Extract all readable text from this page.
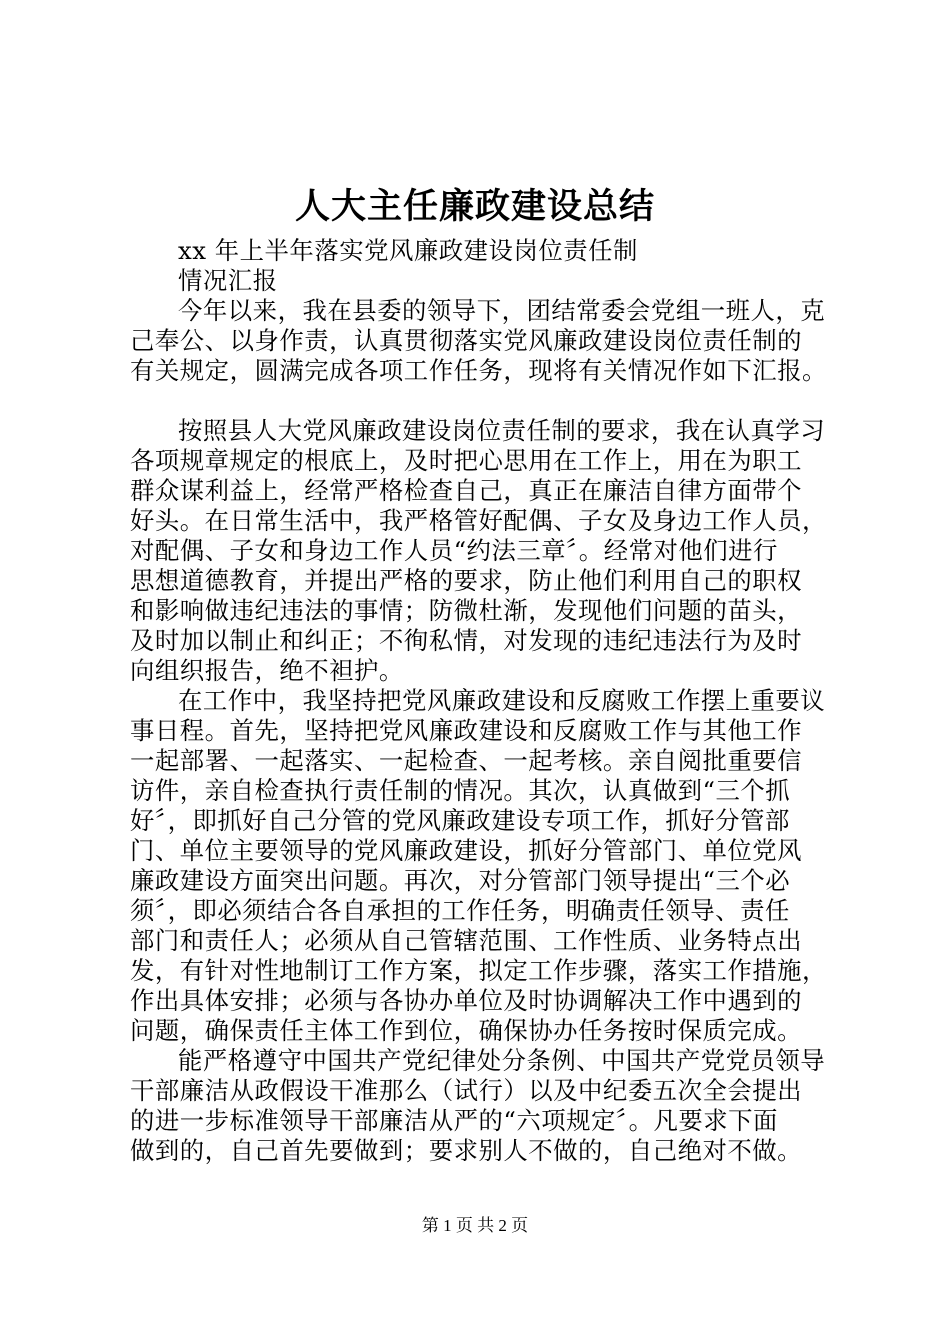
人大主任廉政建设总结
xx 年上半年落实党风廉政建设岗位责任制
情况汇报
今年以来，我在县委的领导下，团结常委会党组一班人，克
己奉公、以身作责，认真贯彻落实党风廉政建设岗位责任制的
有关规定，圆满完成各项工作任务，现将有关情况作如下汇报。
按照县人大党风廉政建设岗位责任制的要求，我在认真学习
各项规章规定的根底上，及时把心思用在工作上，用在为职工
群众谋利益上，经常严格检查自己，真正在廉洁自律方面带个
好头。在日常生活中，我严格管好配偶、子女及身边工作人员，
对配偶、子女和身边工作人员“约法三章〞。经常对他们进行
思想道德教育，并提出严格的要求，防止他们利用自己的职权
和影响做违纪违法的事情；防微杜渐，发现他们问题的苗头，
及时加以制止和纠正；不徇私情，对发现的违纪违法行为及时
向组织报告，绝不袒护。
在工作中，我坚持把党风廉政建设和反腐败工作摆上重要议
事日程。首先，坚持把党风廉政建设和反腐败工作与其他工作
一起部署、一起落实、一起检查、一起考核。亲自阅批重要信
访件，亲自检查执行责任制的情况。其次，认真做到“三个抓
好〞，即抓好自己分管的党风廉政建设专项工作，抓好分管部
门、单位主要领导的党风廉政建设，抓好分管部门、单位党风
廉政建设方面突出问题。再次，对分管部门领导提出“三个必
须〞，即必须结合各自承担的工作任务，明确责任领导、责任
部门和责任人；必须从自己管辖范围、工作性质、业务特点出
发，有针对性地制订工作方案，拟定工作步骤，落实工作措施，
作出具体安排；必须与各协办单位及时协调解决工作中遇到的
问题，确保责任主体工作到位，确保协办任务按时保质完成。
能严格遵守中国共产党纪律处分条例、中国共产党党员领导
干部廉洁从政假设干准那么（试行）以及中纪委五次全会提出
的进一步标准领导干部廉洁从严的“六项规定〞。凡要求下面
做到的，自己首先要做到；要求别人不做的，自己绝对不做。
第 1 页 共 2 页
